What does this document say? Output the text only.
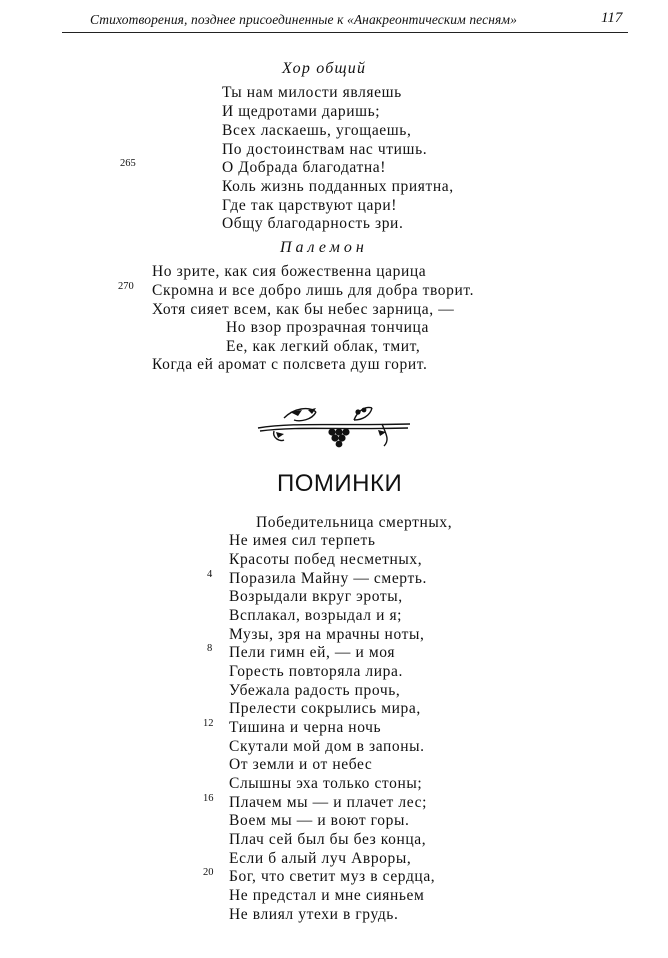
Стихотворения, позднее присоединенные к «Анакреонтическим песням»	117
Хор общий
Ты нам милости являешь
И щедротами даришь;
Всех ласкаешь, угощаешь,
По достоинствам нас чтишь.
О Добрада благодатна!
Коль жизнь подданных приятна,
Где так царствуют цари!
Общу благодарность зри.
265
Палемон
Но зрите, как сия божественна царица
Скромна и все добро лишь для добра творит.
Хотя сияет всем, как бы небес зарница, —
Но взор прозрачная тончица
Ее, как легкий облак, тмит,
Когда ей аромат с полсвета душ горит.
270
ПОМИНКИ
Победительница смертных,
Не имея сил терпеть
Красоты побед несметных,
Поразила Майну — смерть.
Возрыдали вкруг эроты,
Всплакал, возрыдал и я;
Музы, зря на мрачны ноты,
Пели гимн ей, — и моя
Горесть повторяла лира.
Убежала радость прочь,
Прелести сокрылись мира,
Тишина и черна ночь
Скутали мой дом в запоны.
От земли и от небес
Слышны эха только стоны;
Плачем мы — и плачет лес;
Воем мы — и воют горы.
Плач сей был бы без конца,
Если б алый луч Авроры,
Бог, что светит муз в сердца,
Не предстал и мне сияньем
Не влиял утехи в грудь.
4
8
12
16
20
